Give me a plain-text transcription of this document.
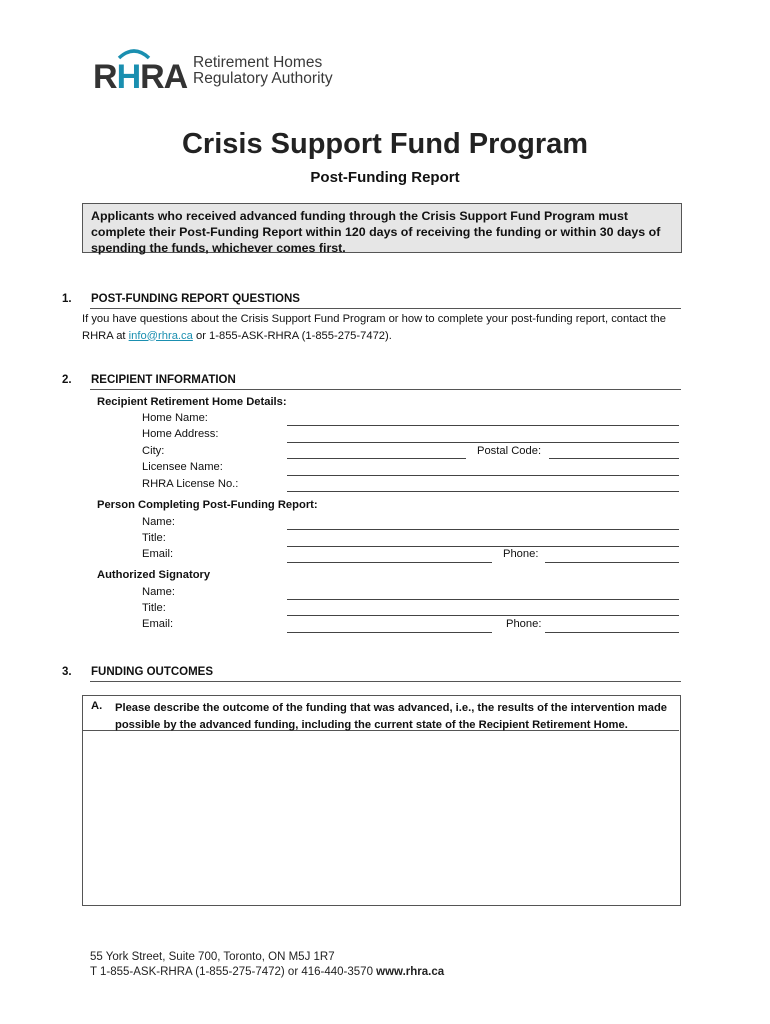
RHRA Retirement Homes
Regulatory Authority
Crisis Support Fund Program
Post-Funding Report
Applicants who received advanced funding through the Crisis Support Fund Program must complete their Post-Funding Report within 120 days of receiving the funding or within 30 days of spending the funds, whichever comes first.
1. POST-FUNDING REPORT QUESTIONS
If you have questions about the Crisis Support Fund Program or how to complete your post-funding report, contact the RHRA at info@rhra.ca or 1-855-ASK-RHRA (1-855-275-7472).
2. RECIPIENT INFORMATION
Recipient Retirement Home Details:
Home Name:
Home Address:
City:	Postal Code:
Licensee Name:
RHRA License No.:
Person Completing Post-Funding Report:
Name:
Title:
Email:	Phone:
Authorized Signatory
Name:
Title:
Email:	Phone:
3. FUNDING OUTCOMES
A. Please describe the outcome of the funding that was advanced, i.e., the results of the intervention made possible by the advanced funding, including the current state of the Recipient Retirement Home.
55 York Street, Suite 700, Toronto, ON M5J 1R7
T 1-855-ASK-RHRA (1-855-275-7472) or 416-440-3570 www.rhra.ca
